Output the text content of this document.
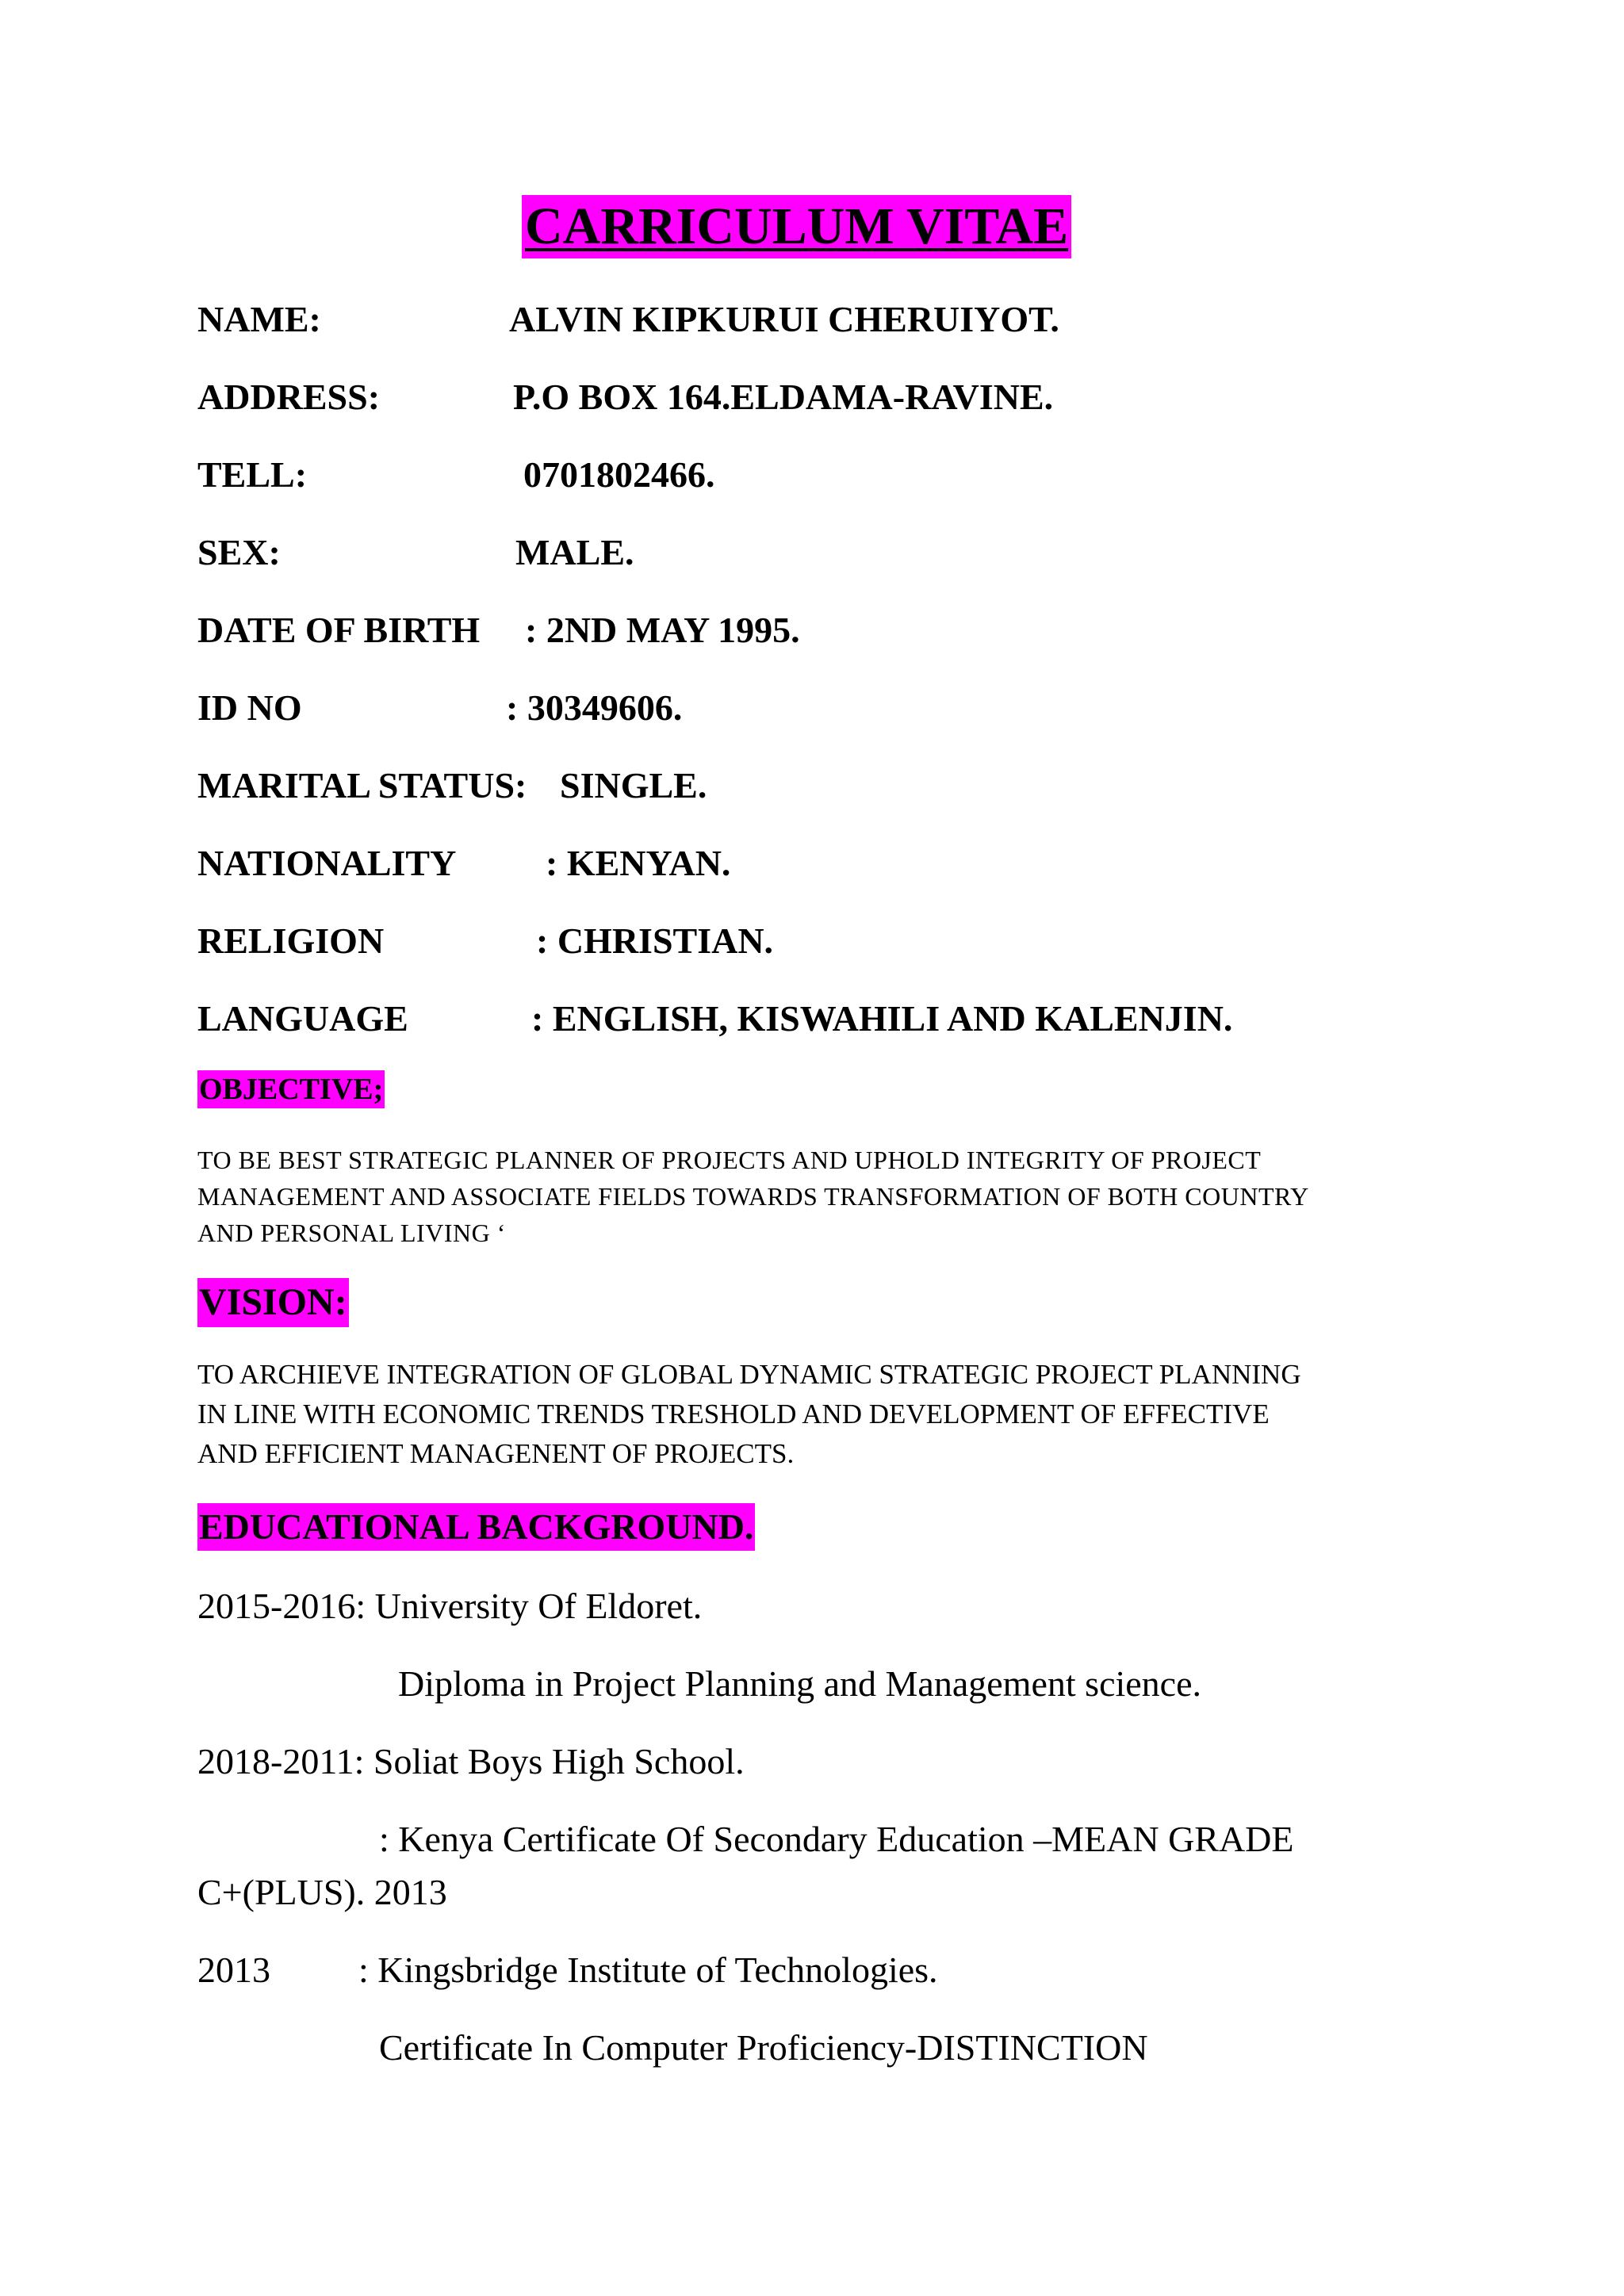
CARRICULUM VITAE
NAME:	ALVIN KIPKURUI CHERUIYOT.
ADDRESS:	P.O BOX 164.ELDAMA-RAVINE.
TELL:	0701802466.
SEX:	MALE.
DATE OF BIRTH : 2ND MAY 1995.
ID NO	: 30349606.
MARITAL STATUS: SINGLE.
NATIONALITY : KENYAN.
RELIGION	: CHRISTIAN.
LANGUAGE	: ENGLISH, KISWAHILI AND KALENJIN.
OBJECTIVE;
TO BE BEST STRATEGIC PLANNER OF PROJECTS AND UPHOLD INTEGRITY OF PROJECT
MANAGEMENT AND ASSOCIATE FIELDS TOWARDS TRANSFORMATION OF BOTH COUNTRY
AND PERSONAL LIVING ‘
VISION:
TO ARCHIEVE INTEGRATION OF GLOBAL DYNAMIC STRATEGIC PROJECT PLANNING
IN LINE WITH ECONOMIC TRENDS TRESHOLD AND DEVELOPMENT OF EFFECTIVE
AND EFFICIENT MANAGENENT OF PROJECTS.
EDUCATIONAL BACKGROUND.
2015-2016: University Of Eldoret.
Diploma in Project Planning and Management science.
2018-2011: Soliat Boys High School.
: Kenya Certificate Of Secondary Education –MEAN GRADE
C+(PLUS). 2013
2013 : Kingsbridge Institute of Technologies.
Certificate In Computer Proficiency-DISTINCTION
